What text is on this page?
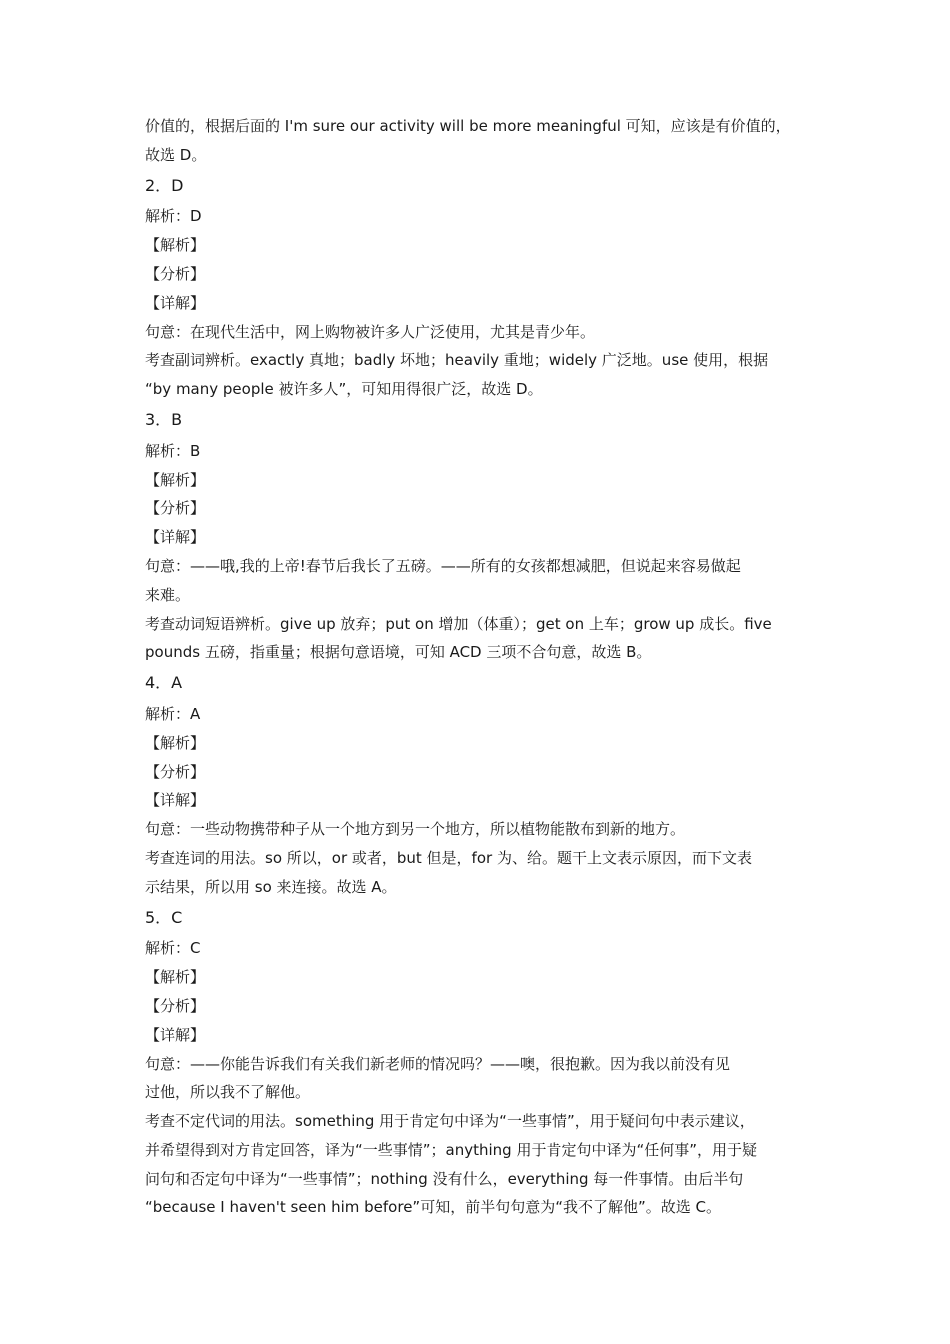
价值的，根据后面的 I'm sure our activity will be more meaningful 可知，应该是有价值的，
故选 D。
2．D
解析：D
【解析】
【分析】
【详解】
句意：在现代生活中，网上购物被许多人广泛使用，尤其是青少年。
考查副词辨析。exactly 真地；badly 坏地；heavily 重地；widely 广泛地。use 使用，根据
“by many people 被许多人”，可知用得很广泛，故选 D。
3．B
解析：B
【解析】
【分析】
【详解】
句意：——哦,我的上帝!春节后我长了五磅。——所有的女孩都想减肥，但说起来容易做起
来难。
考查动词短语辨析。give up 放弃；put on 增加（体重）；get on 上车；grow up 成长。five
pounds 五磅，指重量；根据句意语境，可知 ACD 三项不合句意，故选 B。
4．A
解析：A
【解析】
【分析】
【详解】
句意：一些动物携带种子从一个地方到另一个地方，所以植物能散布到新的地方。
考查连词的用法。so 所以，or 或者，but 但是，for 为、给。题干上文表示原因，而下文表
示结果，所以用 so 来连接。故选 A。
5．C
解析：C
【解析】
【分析】
【详解】
句意：——你能告诉我们有关我们新老师的情况吗？——噢，很抱歉。因为我以前没有见
过他，所以我不了解他。
考查不定代词的用法。something 用于肯定句中译为“一些事情”，用于疑问句中表示建议，
并希望得到对方肯定回答，译为“一些事情”；anything 用于肯定句中译为“任何事”，用于疑
问句和否定句中译为“一些事情”；nothing 没有什么，everything 每一件事情。由后半句
“because I haven't seen him before”可知，前半句句意为“我不了解他”。故选 C。
